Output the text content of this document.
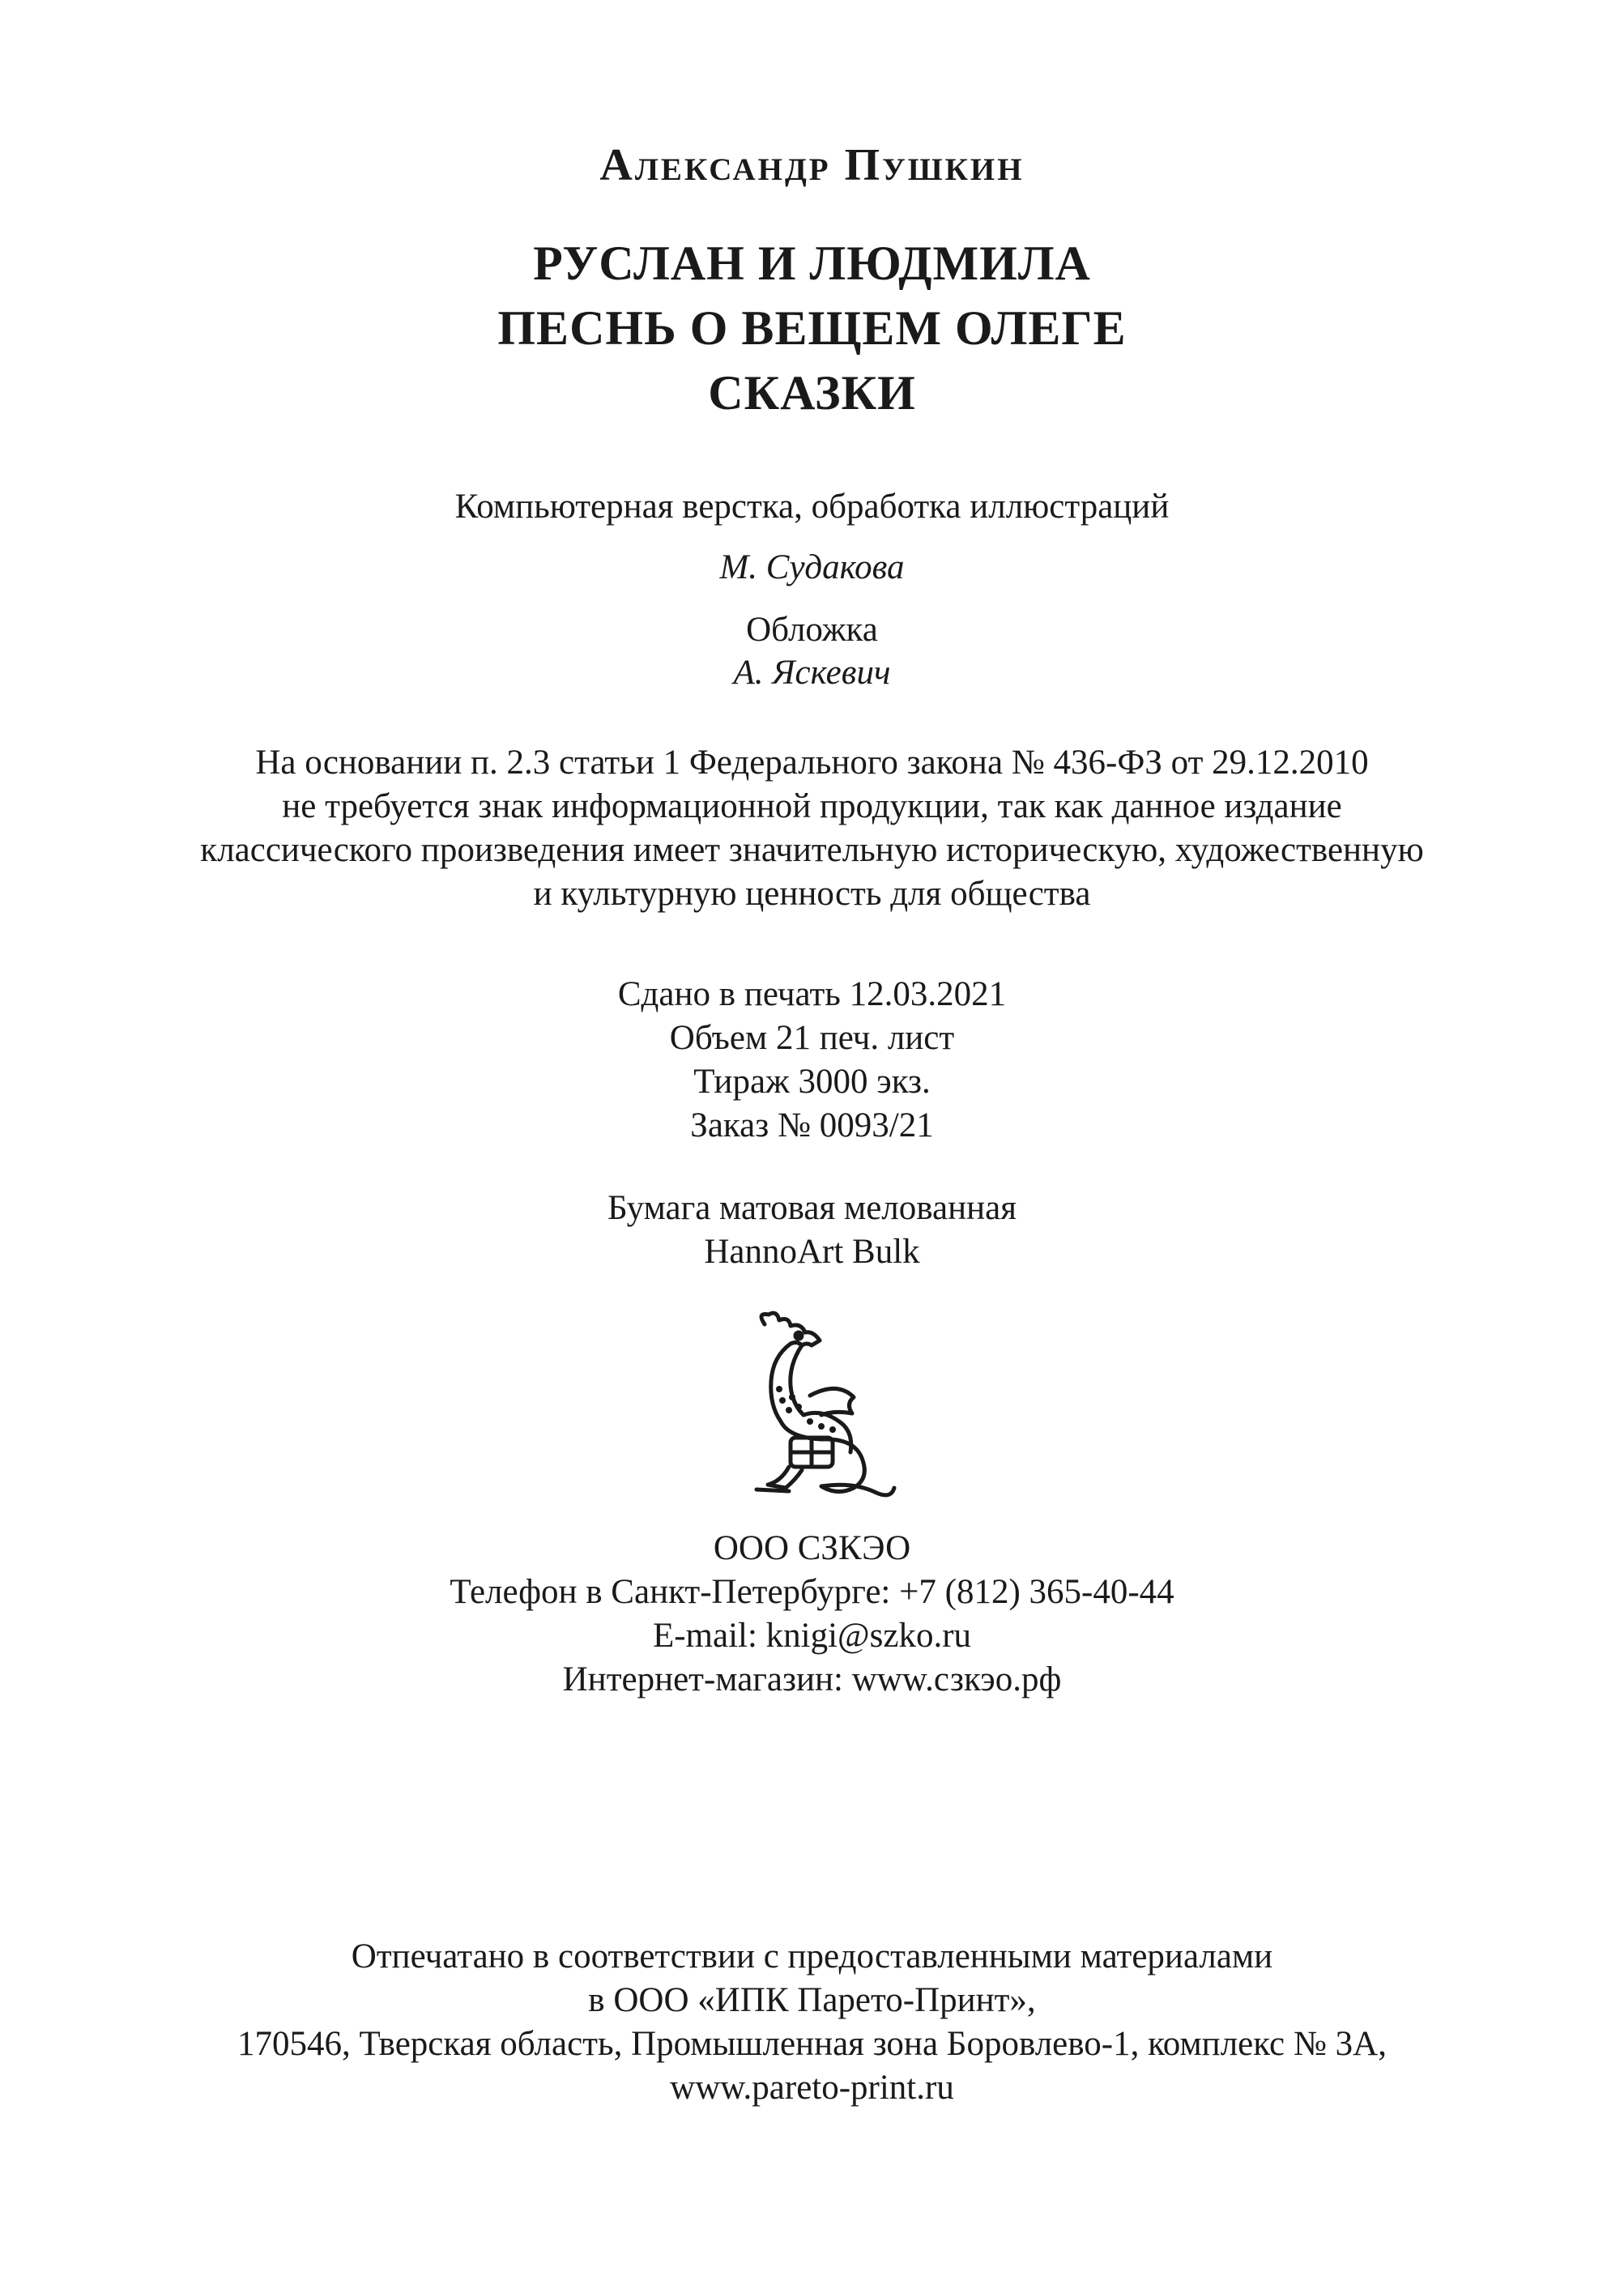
Александр Пушкин
РУСЛАН И ЛЮДМИЛА
ПЕСНЬ О ВЕЩЕМ ОЛЕГЕ
СКАЗКИ
Компьютерная верстка, обработка иллюстраций
М. Судакова
Обложка
А. Яскевич
На основании п. 2.3 статьи 1 Федерального закона № 436-ФЗ от 29.12.2010
не требуется знак информационной продукции, так как данное издание
классического произведения имеет значительную историческую, художественную
и культурную ценность для общества
Сдано в печать 12.03.2021
Объем 21 печ. лист
Тираж 3000 экз.
Заказ № 0093/21
Бумага матовая мелованная
HannoArt Bulk
ООО СЗКЭО
Телефон в Санкт-Петербурге: +7 (812) 365-40-44
E-mail: knigi@szko.ru
Интернет-магазин: www.сзкэо.рф
Отпечатано в соответствии с предоставленными материалами
в ООО «ИПК Парето-Принт»,
170546, Тверская область, Промышленная зона Боровлево-1, комплекс № 3А,
www.pareto-print.ru
